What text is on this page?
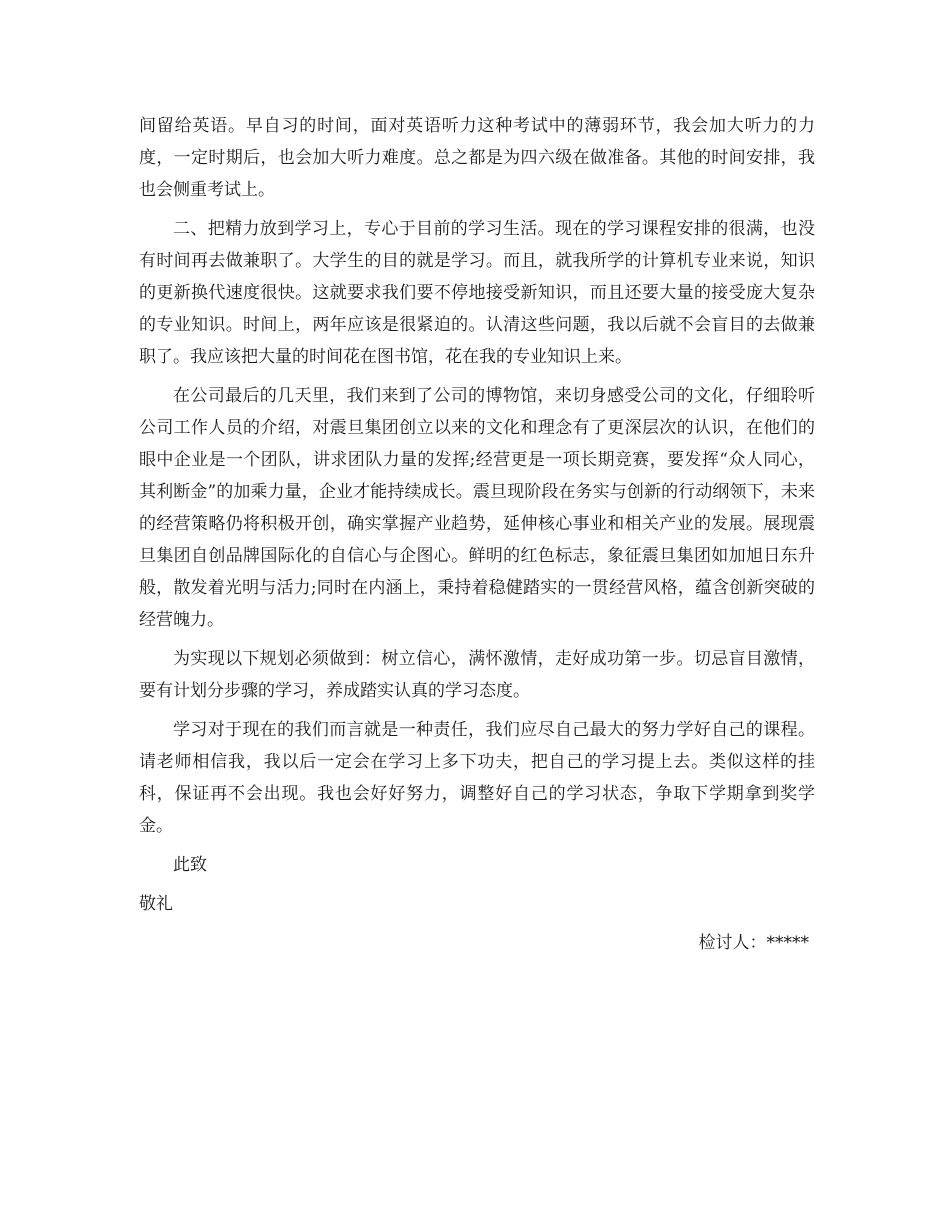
间留给英语。早自习的时间，面对英语听力这种考试中的薄弱环节，我会加大听力的力度，一定时期后，也会加大听力难度。总之都是为四六级在做准备。其他的时间安排，我也会侧重考试上。

二、把精力放到学习上，专心于目前的学习生活。现在的学习课程安排的很满，也没有时间再去做兼职了。大学生的目的就是学习。而且，就我所学的计算机专业来说，知识的更新换代速度很快。这就要求我们要不停地接受新知识，而且还要大量的接受庞大复杂的专业知识。时间上，两年应该是很紧迫的。认清这些问题，我以后就不会盲目的去做兼职了。我应该把大量的时间花在图书馆，花在我的专业知识上来。

在公司最后的几天里，我们来到了公司的博物馆，来切身感受公司的文化，仔细聆听公司工作人员的介绍，对震旦集团创立以来的文化和理念有了更深层次的认识，在他们的眼中企业是一个团队，讲求团队力量的发挥;经营更是一项长期竞赛，要发挥“众人同心，其利断金”的加乘力量，企业才能持续成长。震旦现阶段在务实与创新的行动纲领下，未来的经营策略仍将积极开创，确实掌握产业趋势，延伸核心事业和相关产业的发展。展现震旦集团自创品牌国际化的自信心与企图心。鲜明的红色标志，象征震旦集团如加旭日东升般，散发着光明与活力;同时在内涵上，秉持着稳健踏实的一贯经营风格，蕴含创新突破的经营魄力。

为实现以下规划必须做到：树立信心，满怀激情，走好成功第一步。切忌盲目激情，要有计划分步骤的学习，养成踏实认真的学习态度。

学习对于现在的我们而言就是一种责任，我们应尽自己最大的努力学好自己的课程。请老师相信我，我以后一定会在学习上多下功夫，把自己的学习提上去。类似这样的挂科，保证再不会出现。我也会好好努力，调整好自己的学习状态，争取下学期拿到奖学金。

此致

敬礼

检讨人：*****
